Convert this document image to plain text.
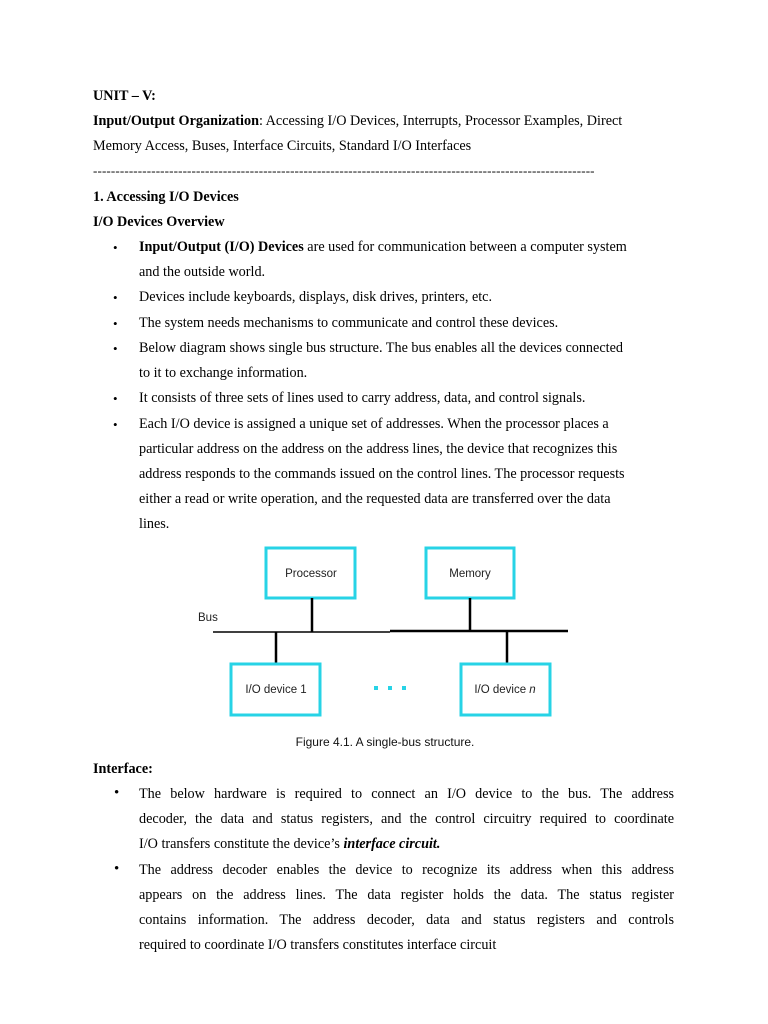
UNIT – V:
Input/Output Organization: Accessing I/O Devices, Interrupts, Processor Examples, Direct
Memory Access, Buses, Interface Circuits, Standard I/O Interfaces
----------------------------------------------------------------------------------------------------------------
1. Accessing I/O Devices
I/O Devices Overview
• Input/Output (I/O) Devices are used for communication between a computer system
and the outside world.
• Devices include keyboards, displays, disk drives, printers, etc.
• The system needs mechanisms to communicate and control these devices.
• Below diagram shows single bus structure. The bus enables all the devices connected
to it to exchange information.
• It consists of three sets of lines used to carry address, data, and control signals.
• Each I/O device is assigned a unique set of addresses. When the processor places a
particular address on the address on the address lines, the device that recognizes this
address responds to the commands issued on the control lines. The processor requests
either a read or write operation, and the requested data are transferred over the data
lines.
Processor	Memory
Bus
I/O device 1	I/O device n
Figure 4.1. A single-bus structure.
Interface:
• The below hardware is required to connect an I/O device to the bus. The address
decoder, the data and status registers, and the control circuitry required to coordinate
I/O transfers constitute the device’s interface circuit.
• The address decoder enables the device to recognize its address when this address
appears on the address lines. The data register holds the data. The status register
contains information. The address decoder, data and status registers and controls
required to coordinate I/O transfers constitutes interface circuit
